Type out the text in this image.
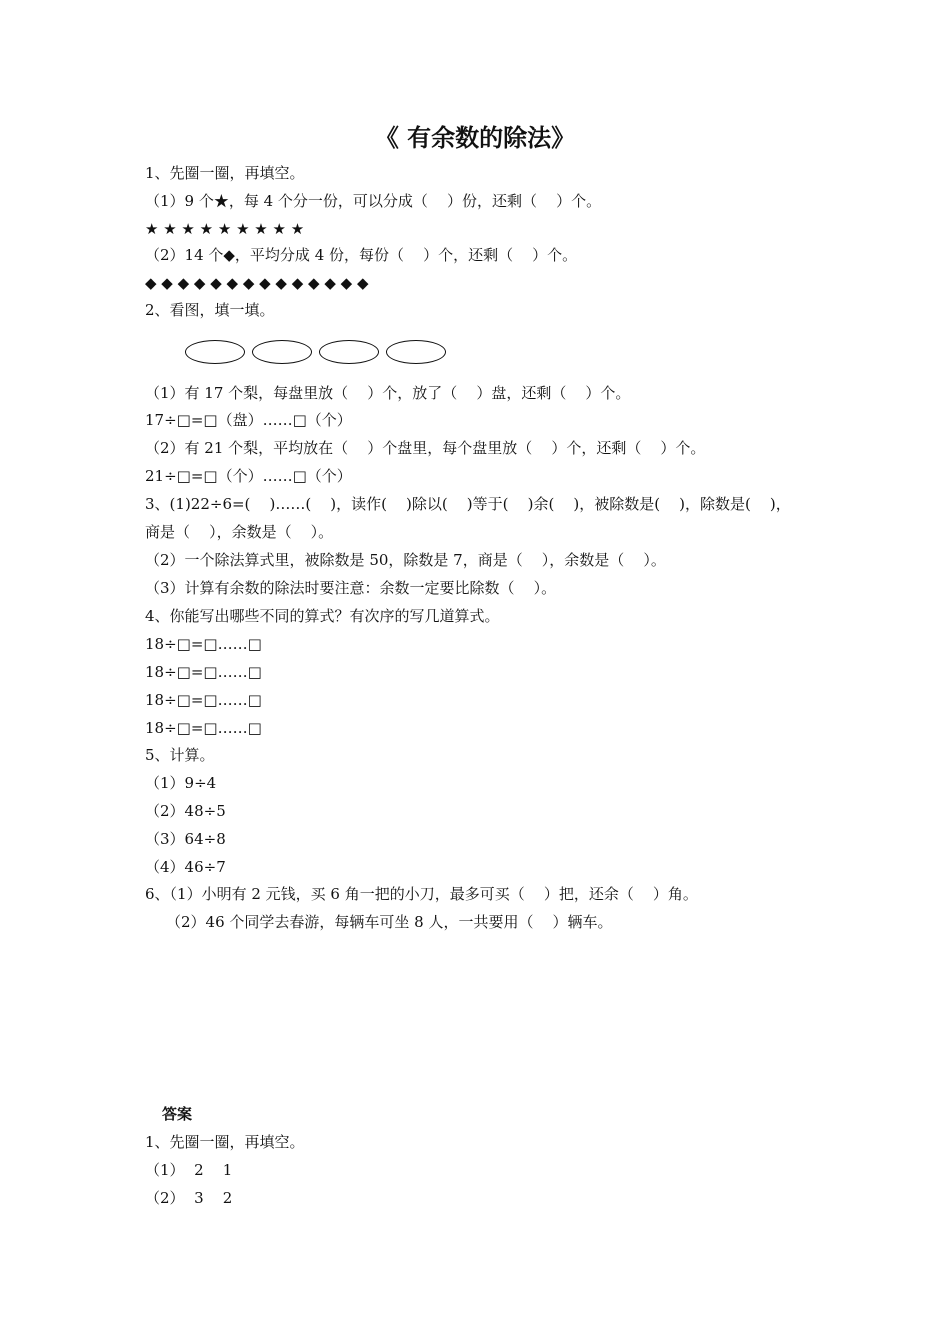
《 有余数的除法》
1、先圈一圈，再填空。
（1）9 个★，每 4 个分一份，可以分成（    ）份，还剩（    ）个。
★ ★ ★ ★ ★ ★ ★ ★ ★
（2）14 个◆，平均分成 4 份，每份（    ）个，还剩（    ）个。
◆ ◆ ◆ ◆ ◆ ◆ ◆ ◆ ◆ ◆ ◆ ◆ ◆ ◆
2、看图，填一填。
（1）有 17 个梨，每盘里放（    ）个，放了（    ）盘，还剩（    ）个。
17÷□=□（盘）……□（个）
（2）有 21 个梨，平均放在（    ）个盘里，每个盘里放（    ）个，还剩（    ）个。
21÷□=□（个）……□（个）
3、(1)22÷6=(    )……(    )，读作(    )除以(    )等于(    )余(    )，被除数是(    )，除数是(    )，
商是（    ），余数是（    ）。
（2）一个除法算式里，被除数是 50，除数是 7，商是（    ），余数是（    ）。
（3）计算有余数的除法时要注意：余数一定要比除数（    ）。
4、你能写出哪些不同的算式？有次序的写几道算式。
18÷□=□……□
18÷□=□……□
18÷□=□……□
18÷□=□……□
5、计算。
（1）9÷4
（2）48÷5
（3）64÷8
（4）46÷7
6、（1）小明有 2 元钱，买 6 角一把的小刀，最多可买（    ）把，还余（    ）角。
（2）46 个同学去春游，每辆车可坐 8 人，一共要用（    ）辆车。
答案
1、先圈一圈，再填空。
（1）  2    1
（2）  3    2
